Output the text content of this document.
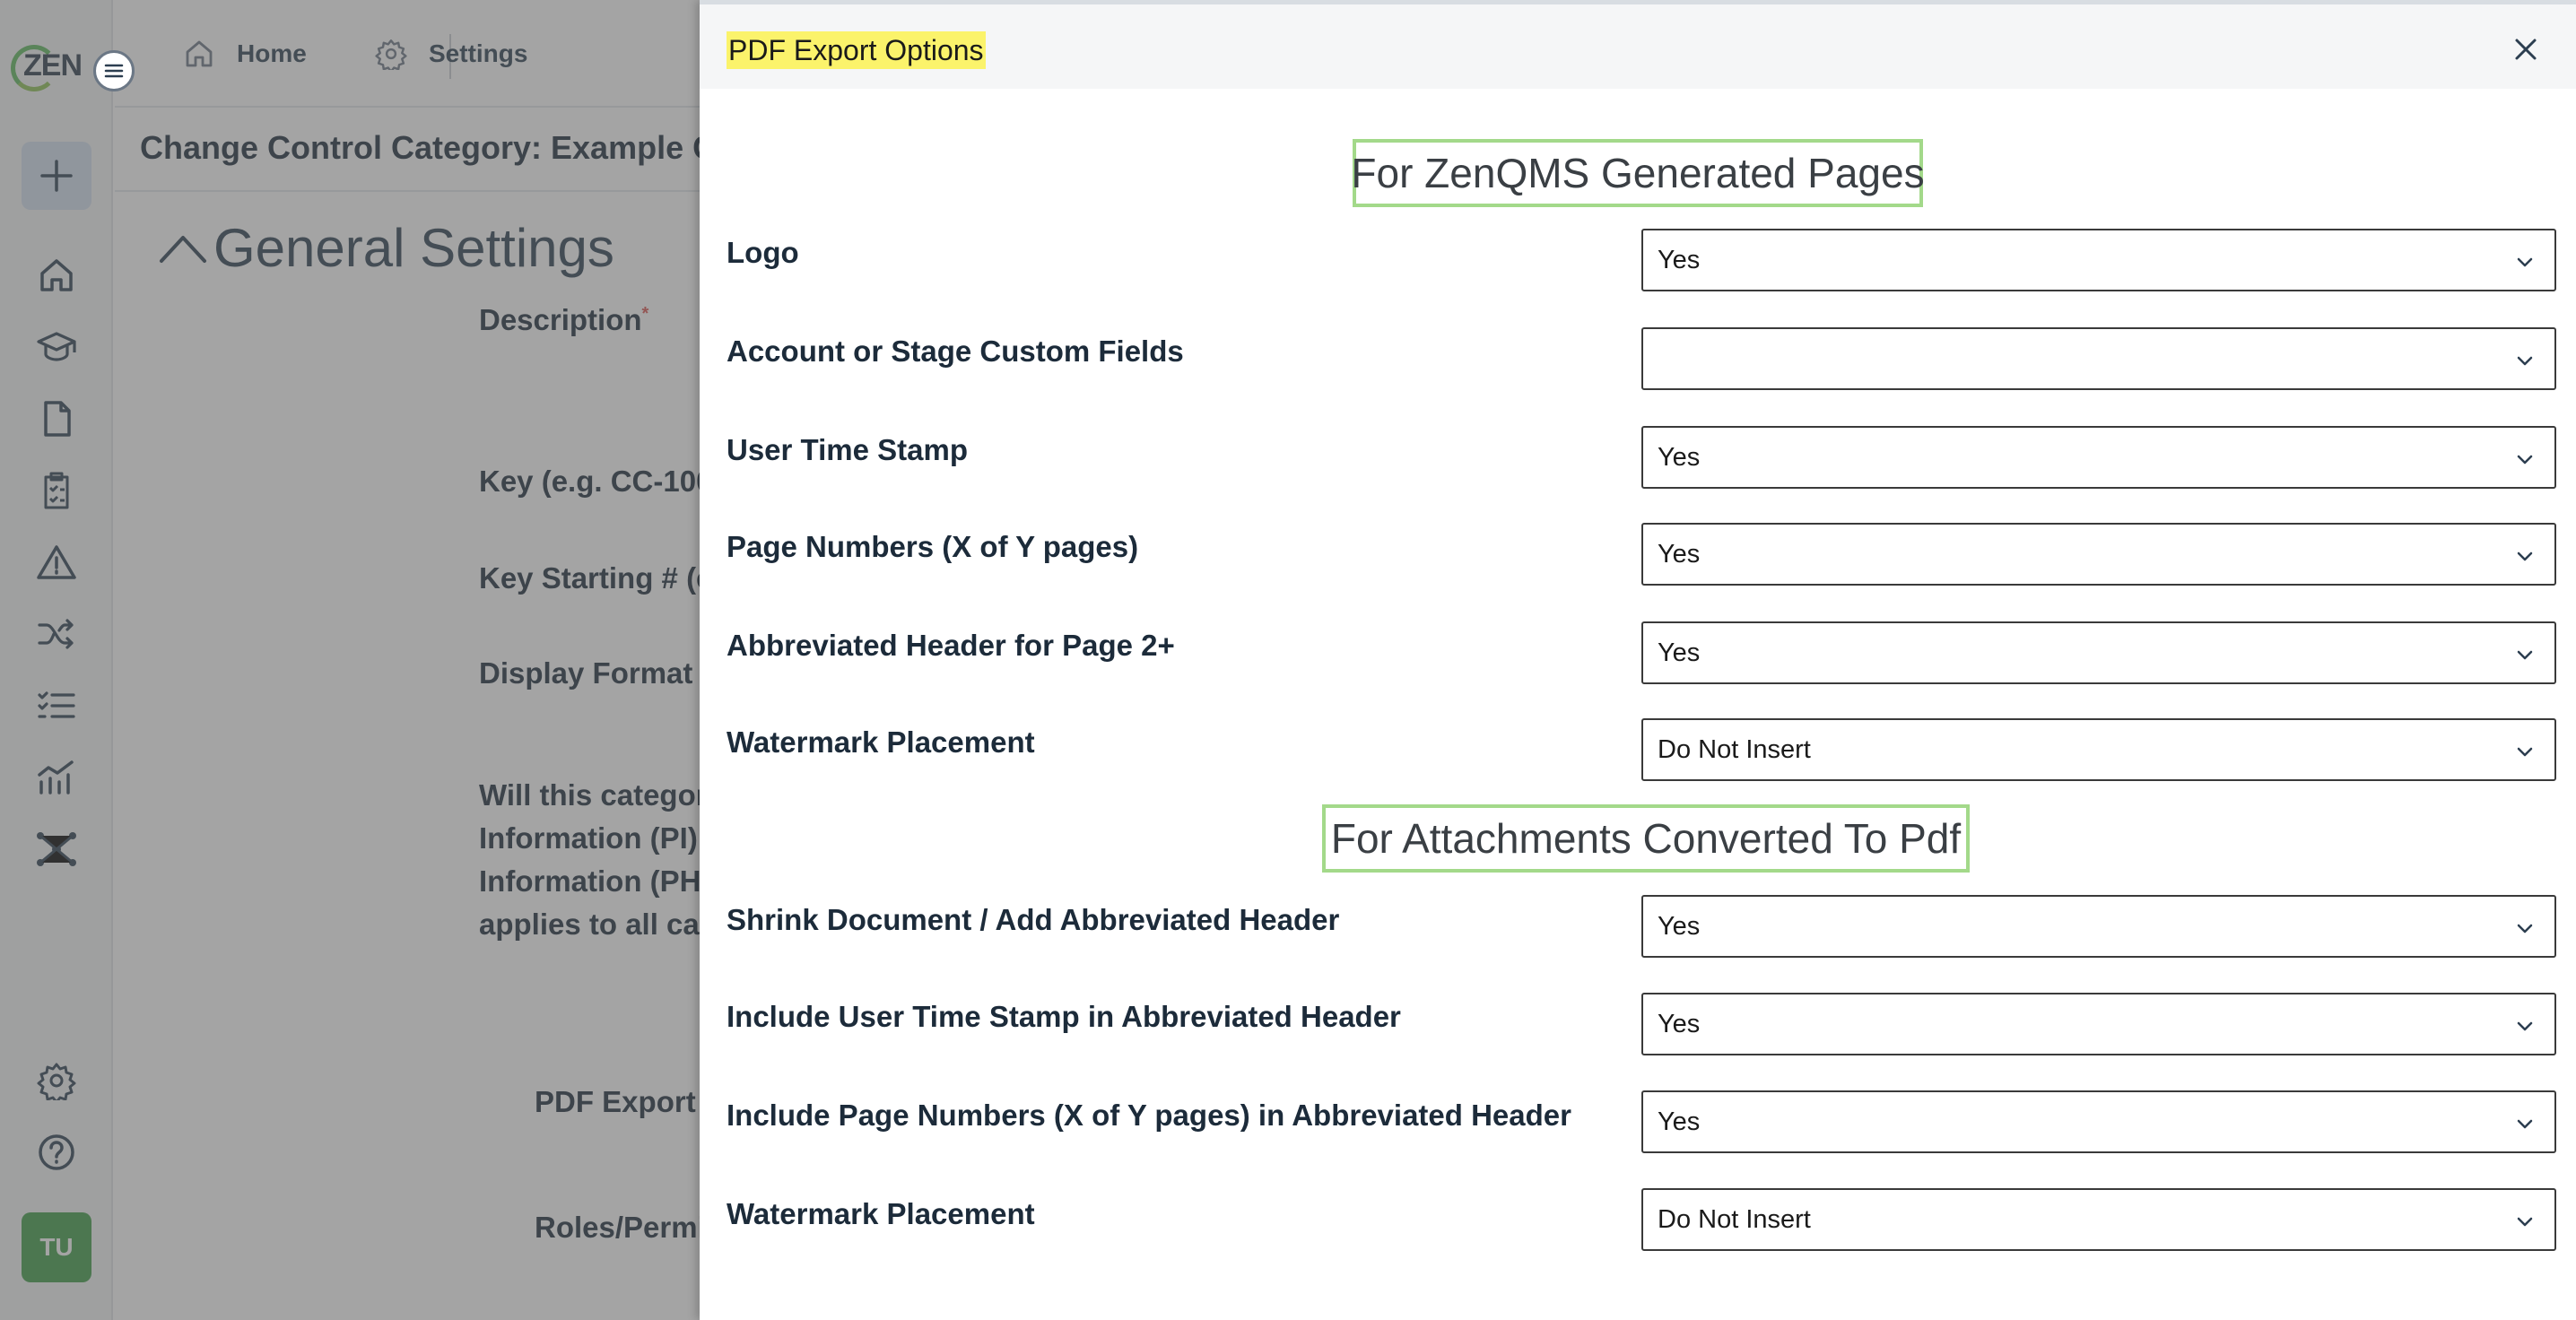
PDF Export Options
For ZenQMS Generated Pages
Logo	Yes
Account or Stage Custom Fields
User Time Stamp	Yes
Page Numbers (X of Y pages)	Yes
Abbreviated Header for Page 2+	Yes
Watermark Placement	Do Not Insert
For Attachments Converted To Pdf
Shrink Document / Add Abbreviated Header	Yes
Include User Time Stamp in Abbreviated Header	Yes
Include Page Numbers (X of Y pages) in Abbreviated Header	Yes
Watermark Placement	Do Not Insert
